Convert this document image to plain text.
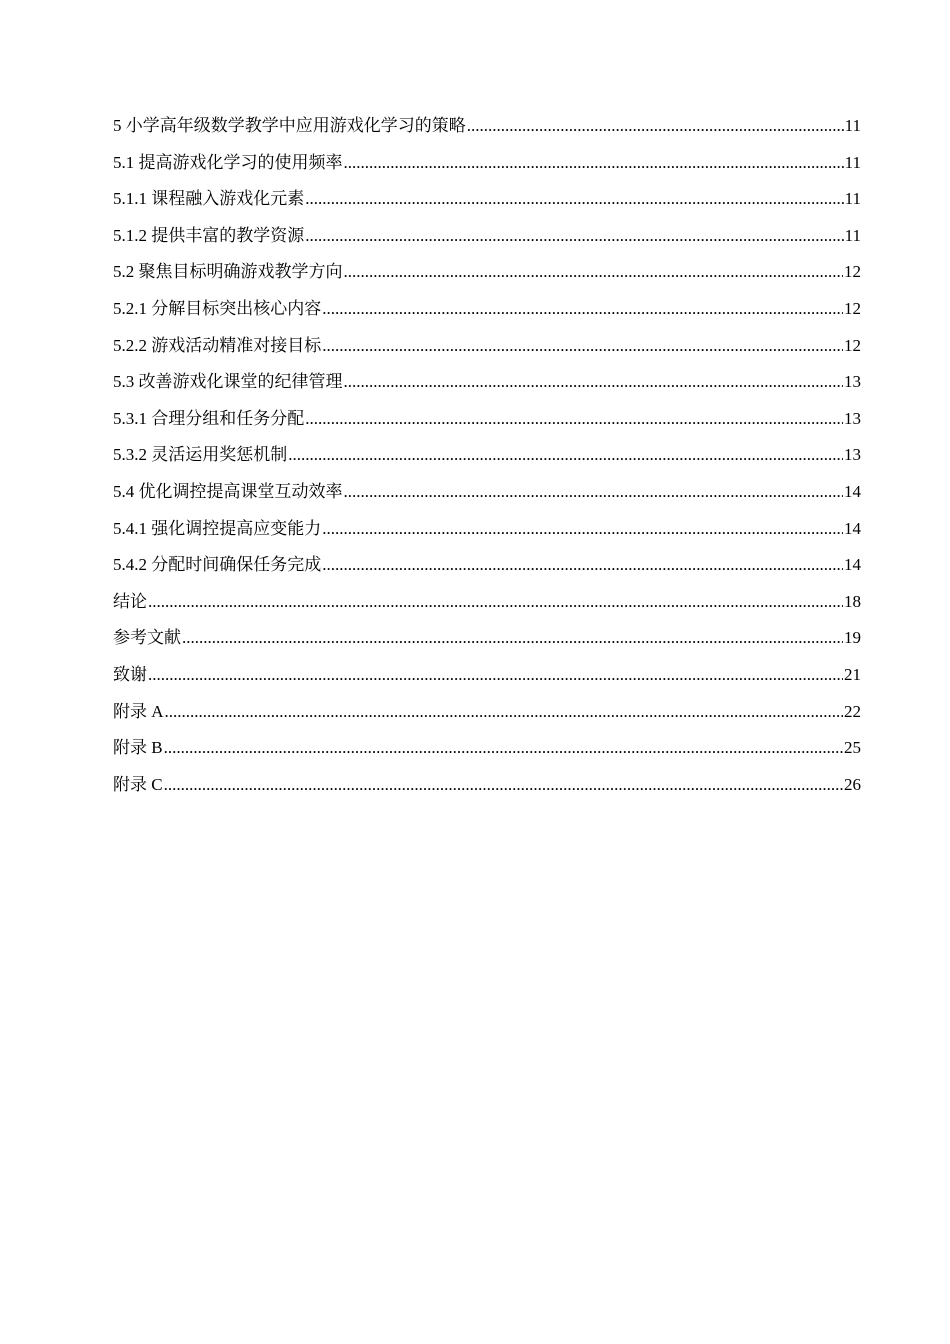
5 小学高年级数学教学中应用游戏化学习的策略 .....	11
5.1 提高游戏化学习的使用频率 .....	11
5.1.1 课程融入游戏化元素 .....	11
5.1.2 提供丰富的教学资源 .....	11
5.2 聚焦目标明确游戏教学方向 .....	12
5.2.1 分解目标突出核心内容 .....	12
5.2.2 游戏活动精准对接目标 .....	12
5.3 改善游戏化课堂的纪律管理 .....	13
5.3.1 合理分组和任务分配 .....	13
5.3.2 灵活运用奖惩机制 .....	13
5.4 优化调控提高课堂互动效率 .....	14
5.4.1 强化调控提高应变能力 .....	14
5.4.2 分配时间确保任务完成 .....	14
结论 .....	18
参考文献 .....	19
致谢 .....	21
附录 A .....	22
附录 B .....	25
附录 C .....	26
